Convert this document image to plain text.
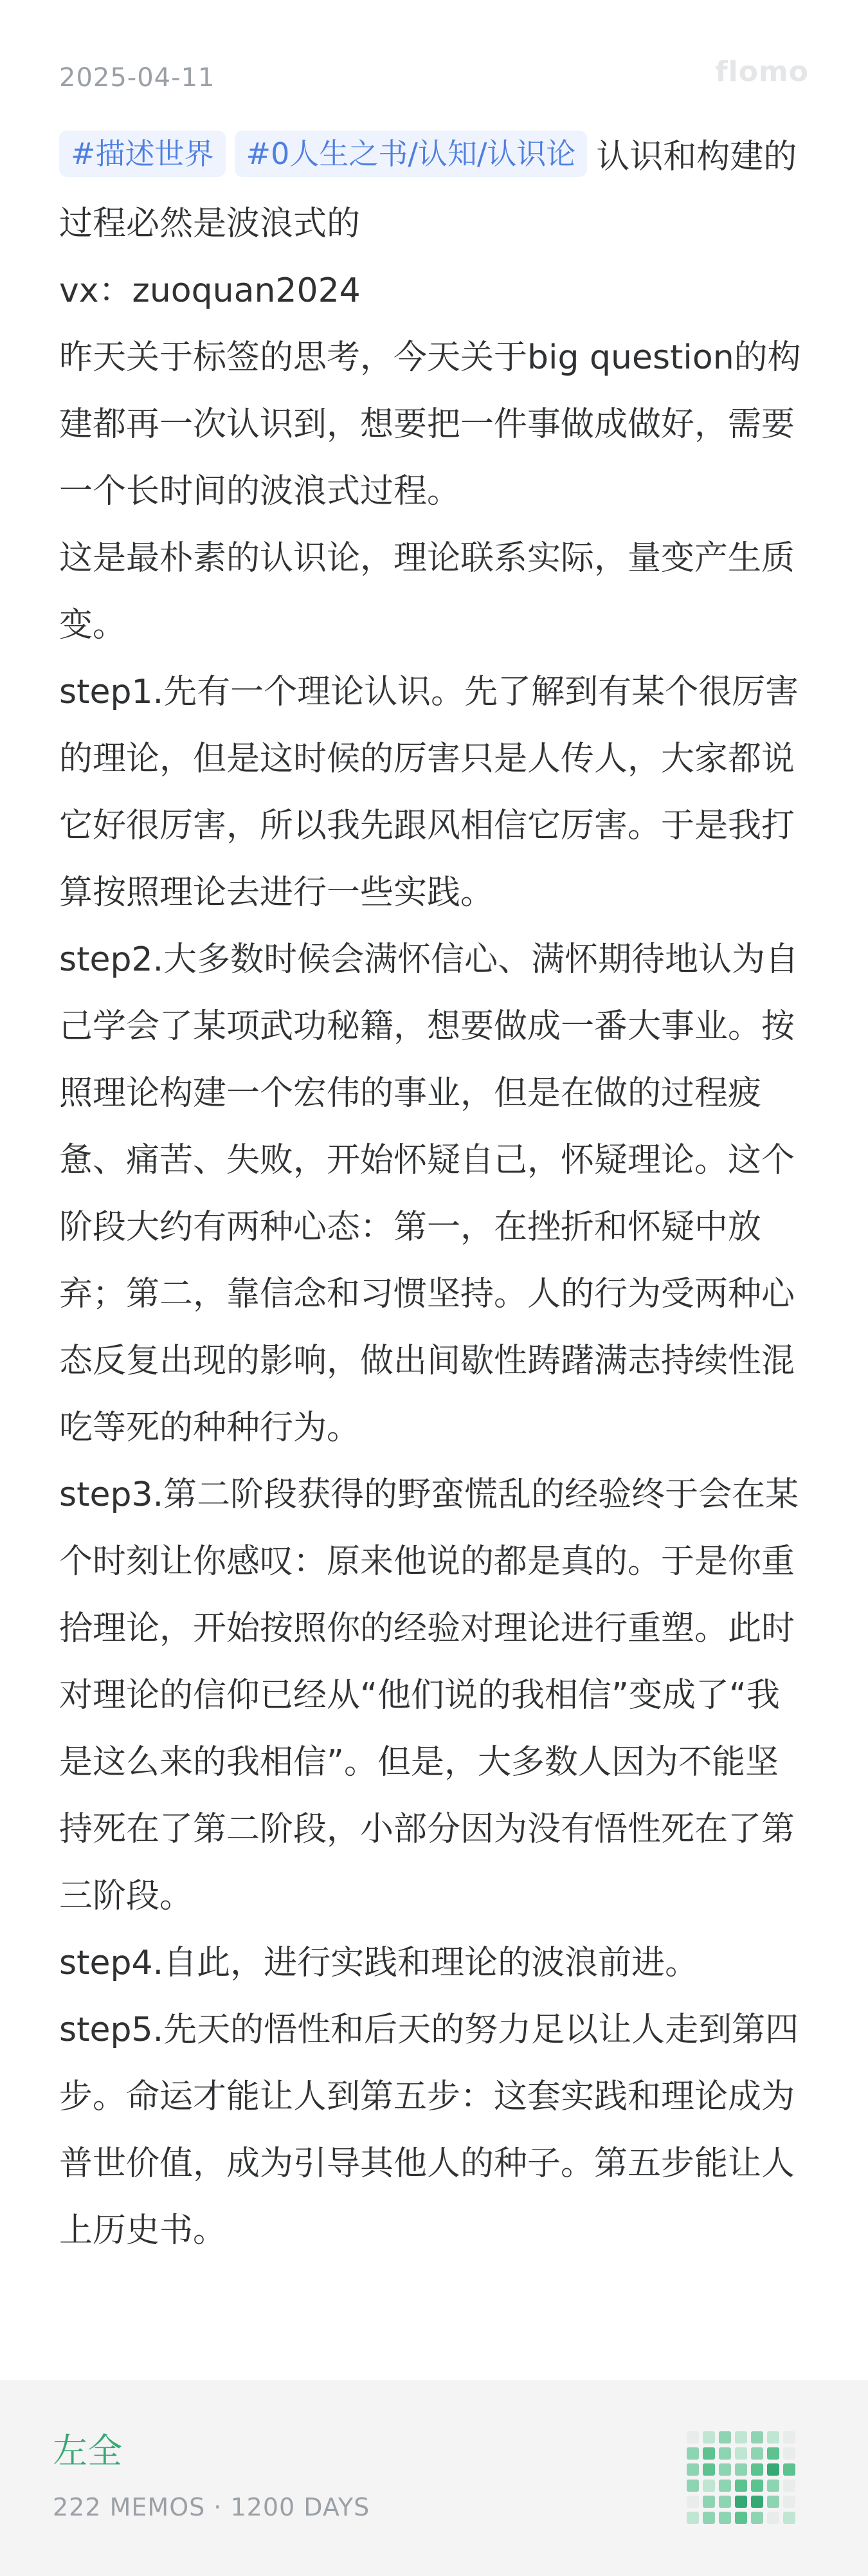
2025-04-11	flomo

#描述世界 #0人生之书/认知/认识论 认识和构建的过程必然是波浪式的

vx：zuoquan2024

昨天关于标签的思考，今天关于big question的构建都再一次认识到，想要把一件事做成做好，需要一个长时间的波浪式过程。

这是最朴素的认识论，理论联系实际，量变产生质变。

step1.先有一个理论认识。先了解到有某个很厉害的理论，但是这时候的厉害只是人传人，大家都说它好很厉害，所以我先跟风相信它厉害。于是我打算按照理论去进行一些实践。

step2.大多数时候会满怀信心、满怀期待地认为自己学会了某项武功秘籍，想要做成一番大事业。按照理论构建一个宏伟的事业，但是在做的过程疲惫、痛苦、失败，开始怀疑自己，怀疑理论。这个阶段大约有两种心态：第一，在挫折和怀疑中放弃；第二，靠信念和习惯坚持。人的行为受两种心态反复出现的影响，做出间歇性踌躇满志持续性混吃等死的种种行为。

step3.第二阶段获得的野蛮慌乱的经验终于会在某个时刻让你感叹：原来他说的都是真的。于是你重拾理论，开始按照你的经验对理论进行重塑。此时对理论的信仰已经从“他们说的我相信”变成了“我是这么来的我相信”。但是，大多数人因为不能坚持死在了第二阶段，小部分因为没有悟性死在了第三阶段。

step4.自此，进行实践和理论的波浪前进。

step5.先天的悟性和后天的努力足以让人走到第四步。命运才能让人到第五步：这套实践和理论成为普世价值，成为引导其他人的种子。第五步能让人上历史书。

左全
222 MEMOS · 1200 DAYS
